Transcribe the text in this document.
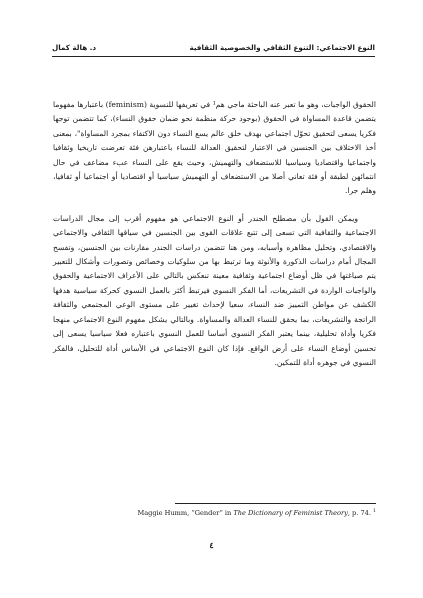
د. هالة كمال	النوع الاجتماعي: التنوع الثقافي والخصوصية الثقافية

الحقوق الواجبات، وهو ما تعبر عنه الباحثة ماجي هم¹ في تعريفها للنسوية (feminism) باعتبارها مفهوما يتضمن قاعدة المساواة في الحقوق (بوجود حركة منظمة نحو ضمان حقوق النساء)، كما تتضمن توجها فكريا يسعى لتحقيق تحوّل اجتماعي بهدف خلق عالم يسع النساء دون الاكتفاء بمجرد المساواة"، بمعنى أخذ الاختلاف بين الجنسين في الاعتبار لتحقيق العدالة للنساء باعتبارهن فئة تعرضت تاريخيا وثقافيا واجتماعيا واقتصاديا وسياسيا للاستضعاف والتهميش، وحيث يقع على النساء عبء مضاعف في حال انتمائهن لطبقة أو فئة تعاني أصلا من الاستضعاف أو التهميش سياسيا أو اقتصاديا أو اجتماعيا أو ثقافيا، وهلم جرا.

ويمكن القول بأن مصطلح الجندر أو النوع الاجتماعي هو مفهوم أقرب إلى مجال الدراسات الاجتماعية والثقافية التي تسعى إلى تتبع علاقات القوى بين الجنسين في سياقها الثقافي والاجتماعي والاقتصادي، وتحليل مظاهره وأسبابه، ومن هنا تتضمن دراسات الجندر مقارنات بين الجنسين، وتفسح المجال أمام دراسات الذكورة والأنوثة وما ترتبط بها من سلوكيات وخصائص وتصورات وأشكال للتعبير يتم صياغتها في ظل أوضاع اجتماعية وثقافية معينة تنعكس بالتالي على الأعراف الاجتماعية والحقوق والواجبات الواردة في التشريعات، أما الفكر النسوي فيرتبط أكثر بالعمل النسوي كحركة سياسية هدفها الكشف عن مواطن التمييز ضد النساء، سعيا لإحداث تغيير على مستوى الوعي المجتمعي والثقافة الراتجة والتشريعات، بما يحقق للنساء العدالة والمساواة. وبالتالي يشكل مفهوم النوع الاجتماعي منهجا فكريا وأداة تحليلية، بينما يعتبر الفكر النسوي أساسا للعمل النسوي باعتباره فعلا سياسيا يسعى إلى تحسين أوضاع النساء على أرض الواقع. فإذا كان النوع الاجتماعي في الأساس أداة للتحليل، فالفكر النسوي في جوهره أداة للتمكين.

Maggie Humm, “Gender” in The Dictionary of Feminist Theory, p. 74. $^1$
٤
